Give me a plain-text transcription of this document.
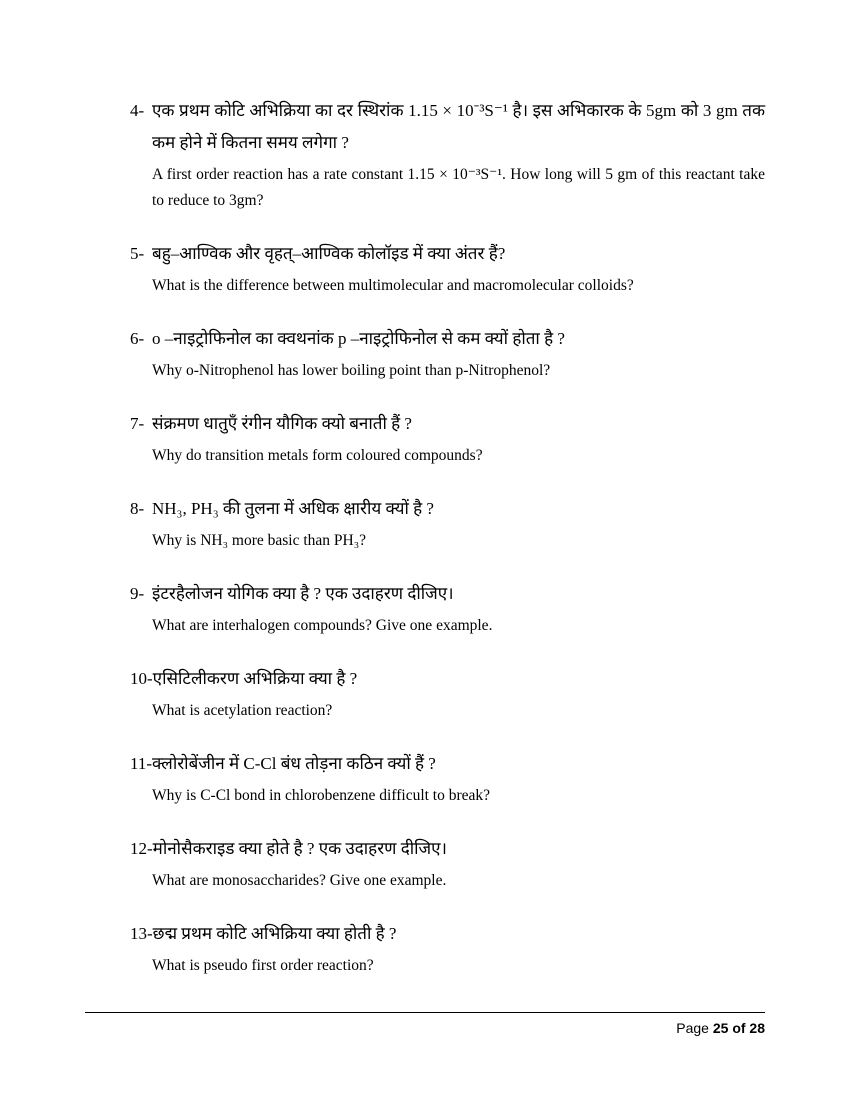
4- एक प्रथम कोटि अभिक्रिया का दर स्थिरांक 1.15 × 10⁻³S⁻¹ है। इस अभिकारक के 5gm को 3 gm तक कम होने में कितना समय लगेगा ?
A first order reaction has a rate constant 1.15 × 10⁻³S⁻¹. How long will 5 gm of this reactant take to reduce to 3gm?
5- बहु–आण्विक और वृहत्–आण्विक कोलॉइड में क्या अंतर हैं?
What is the difference between multimolecular and macromolecular colloids?
6- o –नाइट्रोफिनोल का क्वथनांक p –नाइट्रोफिनोल से कम क्यों होता है ?
Why o-Nitrophenol has lower boiling point than p-Nitrophenol?
7- संक्रमण धातुएँ रंगीन यौगिक क्यो बनाती हैं ?
Why do transition metals form coloured compounds?
8- NH₃, PH₃ की तुलना में अधिक क्षारीय क्यों है ?
Why is NH₃ more basic than PH₃?
9- इंटरहैलोजन योगिक क्या है ? एक उदाहरण दीजिए।
What are interhalogen compounds? Give one example.
10-एसिटिलीकरण अभिक्रिया क्या है ?
What is acetylation reaction?
11-क्लोरोबेंजीन में C-Cl बंध तोड़ना कठिन क्यों हैं ?
Why is C-Cl bond in chlorobenzene difficult to break?
12-मोनोसैकराइड क्या होते है ? एक उदाहरण दीजिए।
What are monosaccharides? Give one example.
13-छद्म प्रथम कोटि अभिक्रिया क्या होती है ?
What is pseudo first order reaction?
Page 25 of 28
